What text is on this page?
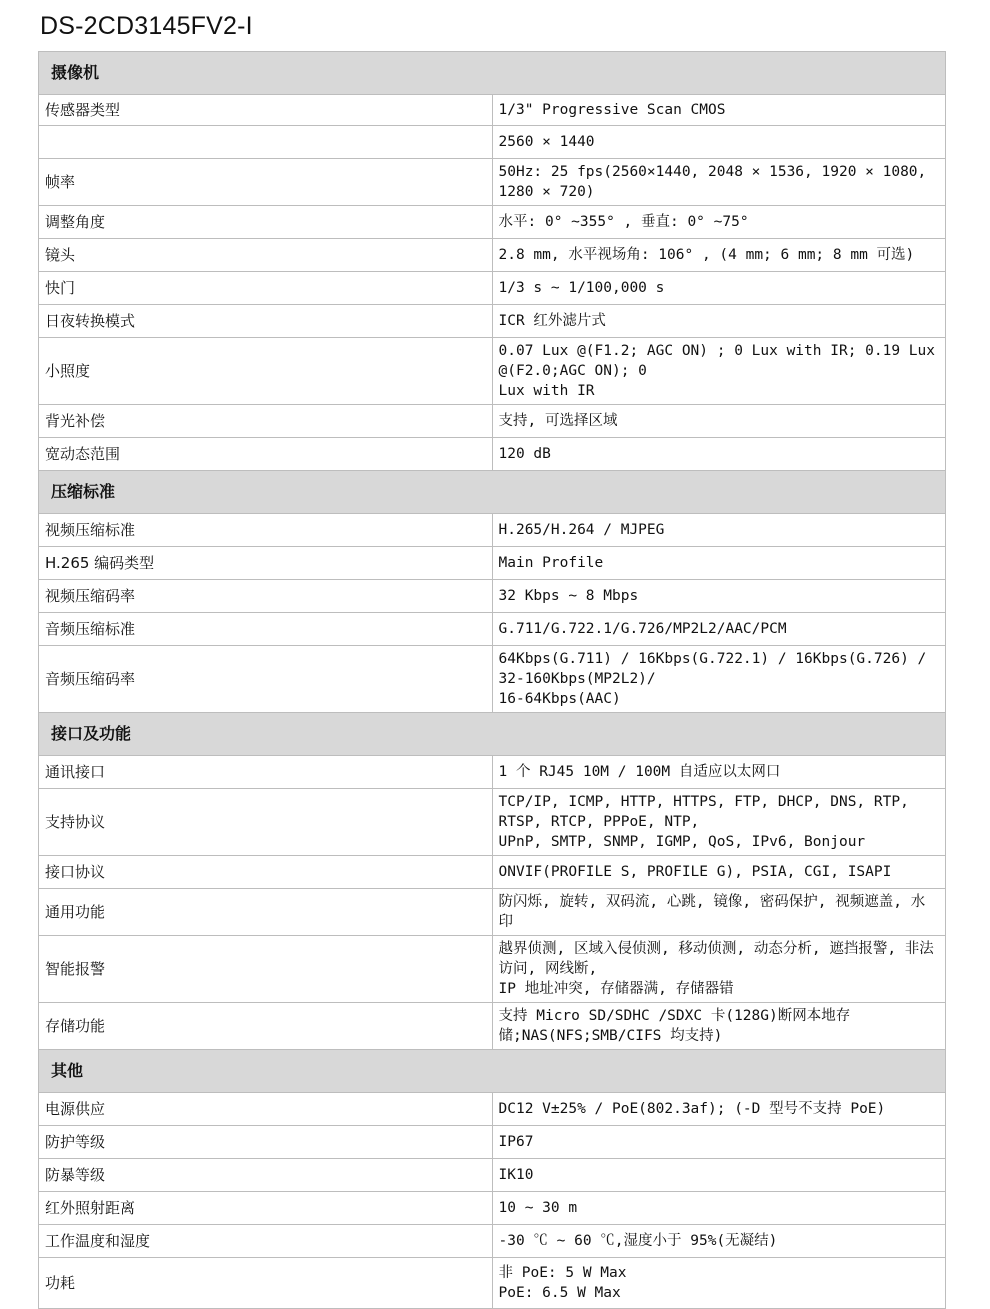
DS-2CD3145FV2-I
摄像机	
传感器类型	1/3" Progressive Scan CMOS
	2560 × 1440
帧率	50Hz: 25 fps(2560×1440, 2048 × 1536, 1920 × 1080, 1280 × 720)
调整角度	水平: 0° ~355° , 垂直: 0° ~75°
镜头	2.8 mm, 水平视场角: 106° , (4 mm; 6 mm; 8 mm 可选)
快门	1/3 s ~ 1/100,000 s
日夜转换模式	ICR 红外滤片式
小照度	0.07 Lux @(F1.2; AGC ON) ; 0 Lux with IR; 0.19 Lux @(F2.0;AGC ON); 0
Lux with IR
背光补偿	支持, 可选择区域
宽动态范围	120 dB
压缩标准	
视频压缩标准	H.265/H.264 / MJPEG
H.265 编码类型	Main Profile
视频压缩码率	32 Kbps ~ 8 Mbps
音频压缩标准	G.711/G.722.1/G.726/MP2L2/AAC/PCM
音频压缩码率	64Kbps(G.711) / 16Kbps(G.722.1) / 16Kbps(G.726) / 32-160Kbps(MP2L2)/
16-64Kbps(AAC)
接口及功能	
通讯接口	1 个 RJ45 10M / 100M 自适应以太网口
支持协议	TCP/IP, ICMP, HTTP, HTTPS, FTP, DHCP, DNS, RTP, RTSP, RTCP, PPPoE, NTP,
UPnP, SMTP, SNMP, IGMP, QoS, IPv6, Bonjour
接口协议	ONVIF(PROFILE S, PROFILE G), PSIA, CGI, ISAPI
通用功能	防闪烁, 旋转, 双码流, 心跳, 镜像, 密码保护, 视频遮盖, 水印
智能报警	越界侦测, 区域入侵侦测, 移动侦测, 动态分析, 遮挡报警, 非法访问, 网线断,
IP 地址冲突, 存储器满, 存储器错
存储功能	支持 Micro SD/SDHC /SDXC 卡(128G)断网本地存储;NAS(NFS;SMB/CIFS 均支持)
其他	
电源供应	DC12 V±25% / PoE(802.3af); (-D 型号不支持 PoE)
防护等级	IP67
防暴等级	IK10
红外照射距离	10 ~ 30 m
工作温度和湿度	-30 ℃ ~ 60 ℃,湿度小于 95%(无凝结)
功耗	非 PoE: 5 W Max
PoE: 6.5 W Max
